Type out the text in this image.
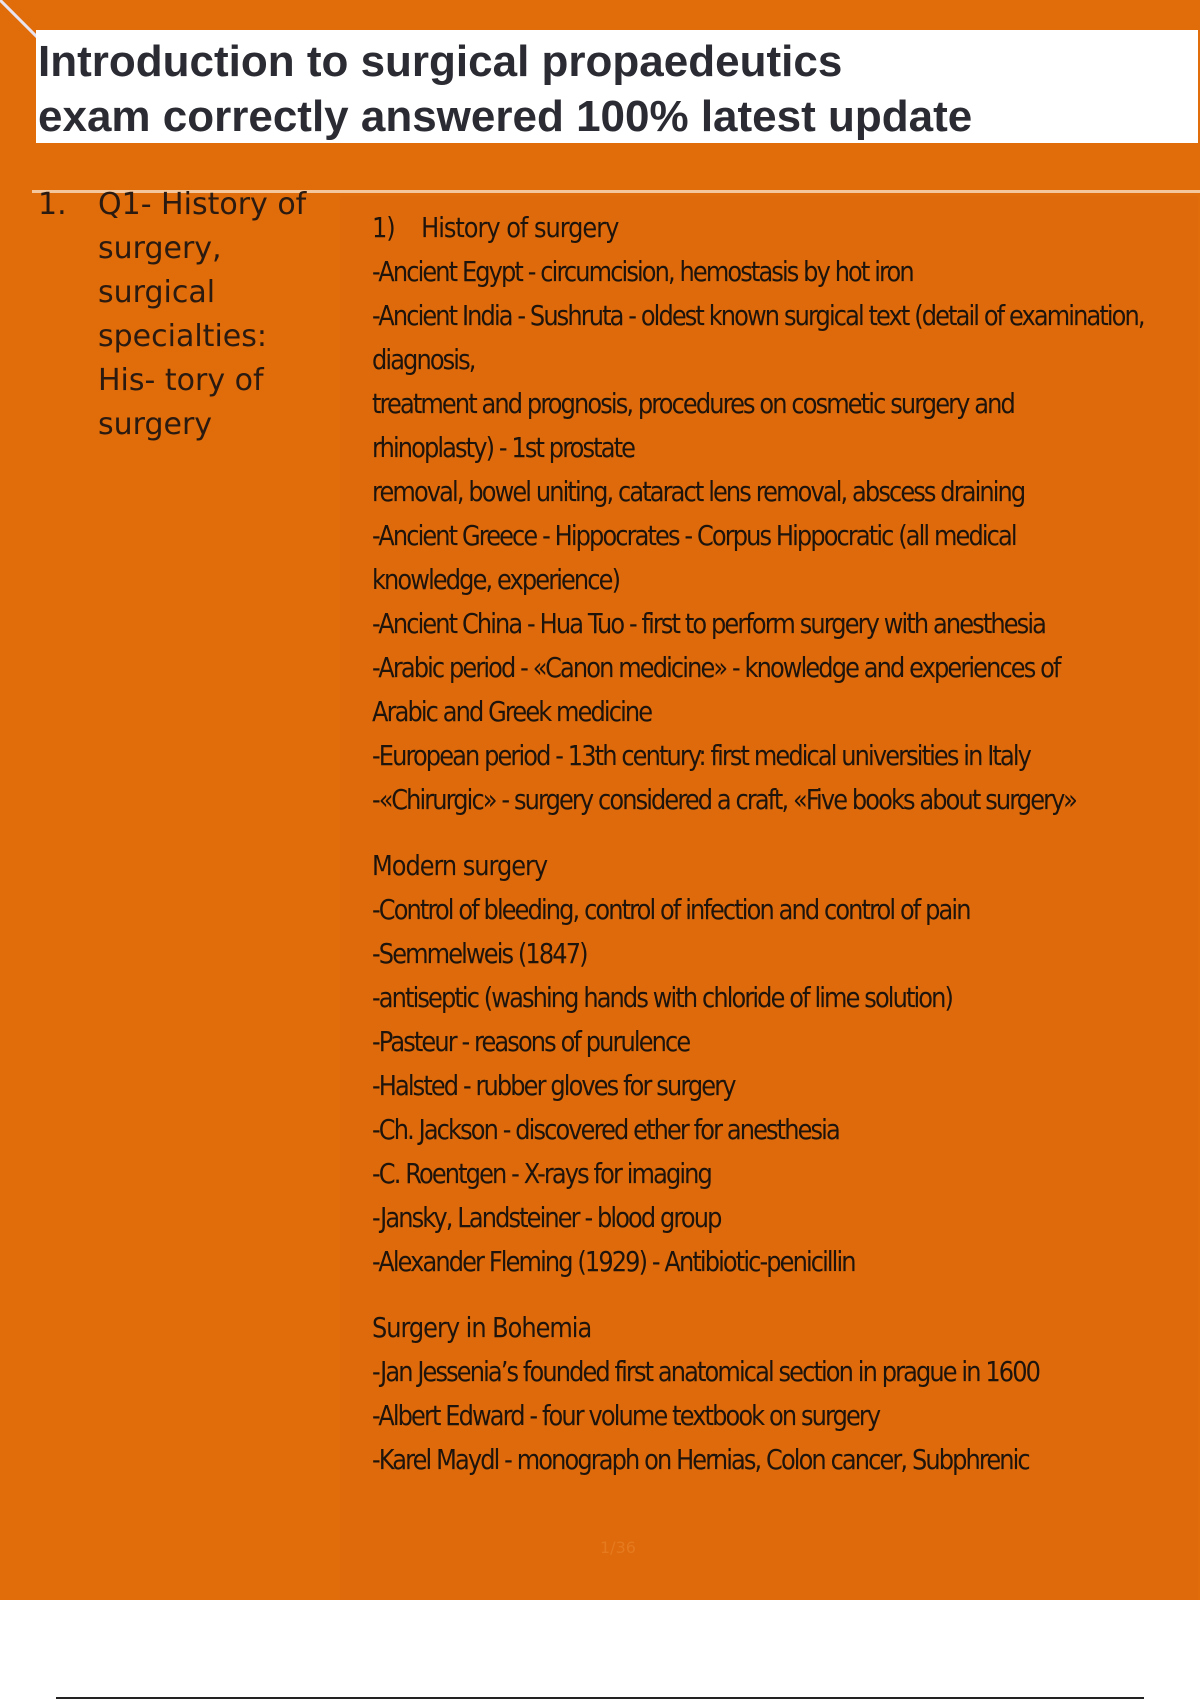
Introduction to surgical propaedeutics
exam correctly answered 100% latest update
1. Q1- History of
surgery,
surgical
specialties:
His- tory of
surgery
1)    History of surgery
-Ancient Egypt - circumcision, hemostasis by hot iron
-Ancient India - Sushruta - oldest known surgical text (detail of examination,
diagnosis,
treatment and prognosis, procedures on cosmetic surgery and
rhinoplasty) - 1st prostate
removal, bowel uniting, cataract lens removal, abscess draining
-Ancient Greece - Hippocrates - Corpus Hippocratic (all medical
knowledge, experience)
-Ancient China - Hua Tuo - first to perform surgery with anesthesia
-Arabic period - «Canon medicine» - knowledge and experiences of
Arabic and Greek medicine
-European period - 13th century: first medical universities in Italy
-«Chirurgic» - surgery considered a craft, «Five books about surgery»
Modern surgery
-Control of bleeding, control of infection and control of pain
-Semmelweis (1847)
-antiseptic (washing hands with chloride of lime solution)
-Pasteur - reasons of purulence
-Halsted - rubber gloves for surgery
-Ch. Jackson - discovered ether for anesthesia
-C. Roentgen - X-rays for imaging
-Jansky, Landsteiner - blood group
-Alexander Fleming (1929) - Antibiotic-penicillin
Surgery in Bohemia
-Jan Jessenia’s founded first anatomical section in prague in 1600
-Albert Edward - four volume textbook on surgery
-Karel Maydl - monograph on Hernias, Colon cancer, Subphrenic
1/36
